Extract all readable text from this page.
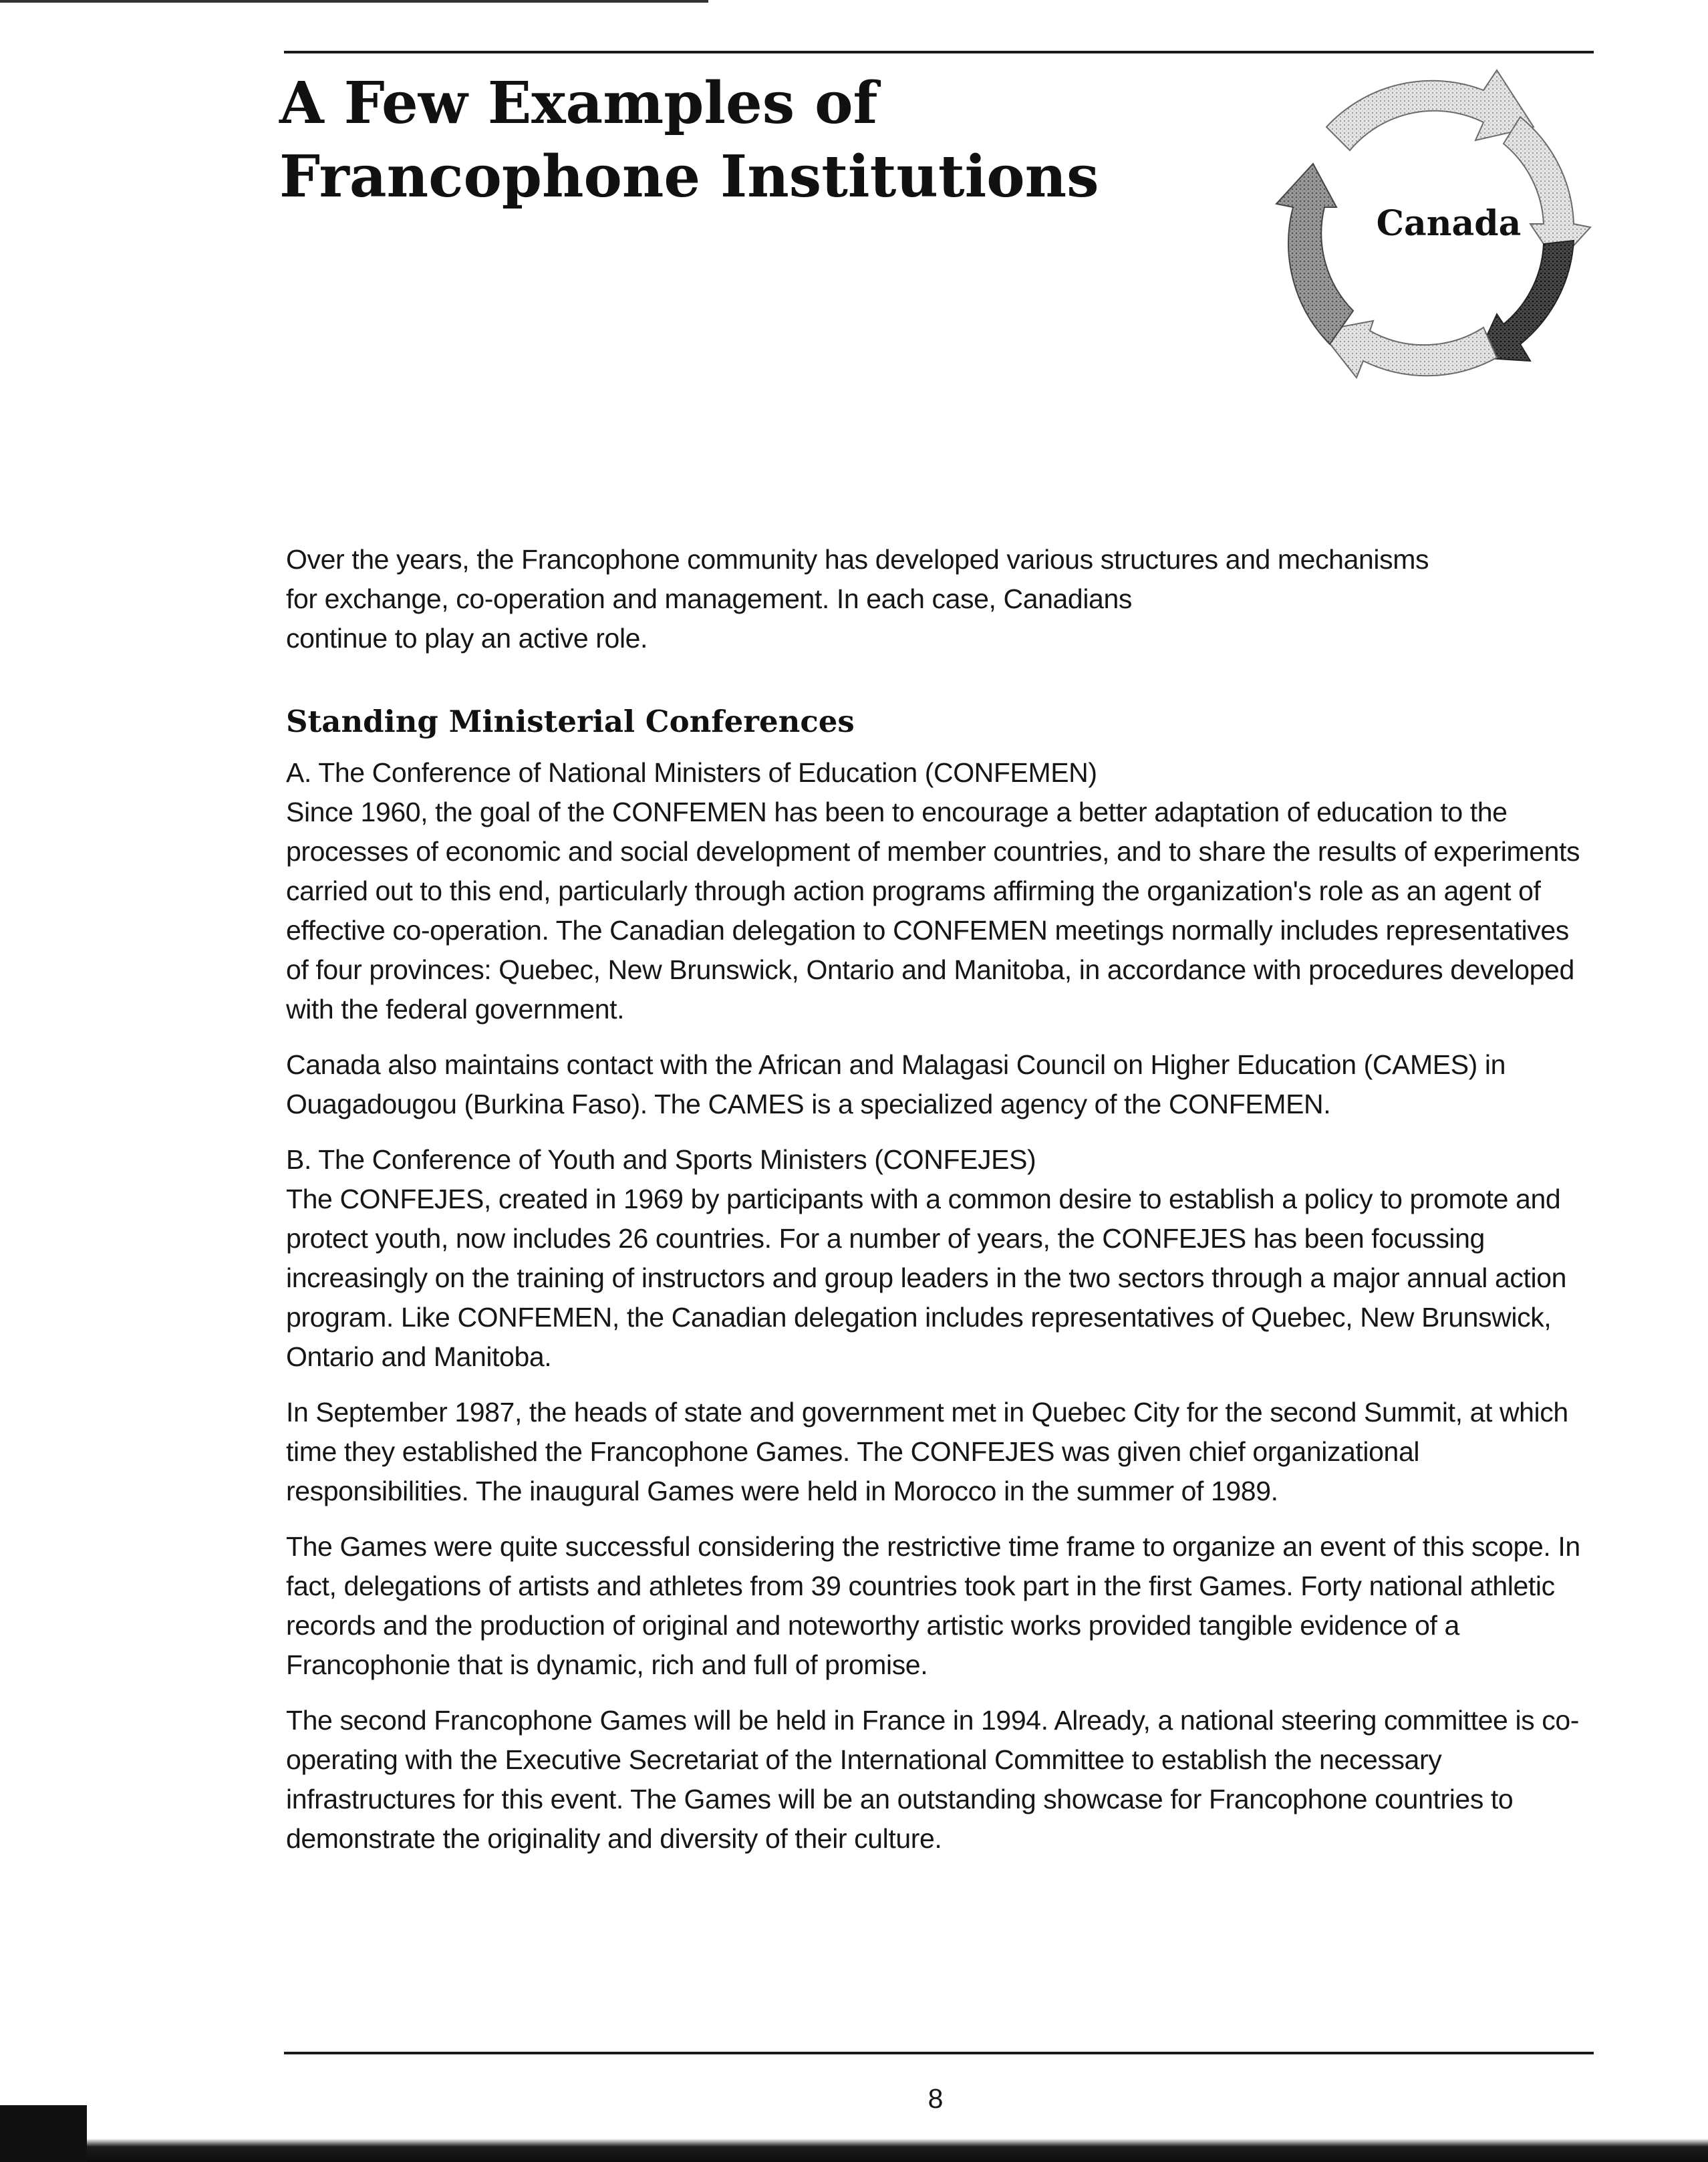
A Few Examples of
Francophone Institutions
Canada

Over the years, the Francophone community has developed various structures and mechanisms

for exchange, co-operation and management. In each case, Canadians

continue to play an active role.

Standing Ministerial Conferences

A. The Conference of National Ministers of Education (CONFEMEN)

Since 1960, the goal of the CONFEMEN has been to encourage a better adaptation of education to the processes of economic and social development of member countries, and to share the results of experiments carried out to this end, particularly through action programs affirming the organization's role as an agent of effective co-operation. The Canadian delegation to CONFEMEN meetings normally includes representatives of four provinces: Quebec, New Brunswick, Ontario and Manitoba, in accordance with procedures developed with the federal government.

Canada also maintains contact with the African and Malagasi Council on Higher Education (CAMES) in Ouagadougou (Burkina Faso). The CAMES is a specialized agency of the CONFEMEN.

B. The Conference of Youth and Sports Ministers (CONFEJES)

The CONFEJES, created in 1969 by participants with a common desire to establish a policy to promote and protect youth, now includes 26 countries. For a number of years, the CONFEJES has been focussing increasingly on the training of instructors and group leaders in the two sectors through a major annual action program. Like CONFEMEN, the Canadian delegation includes representatives of Quebec, New Brunswick, Ontario and Manitoba.

In September 1987, the heads of state and government met in Quebec City for the second Summit, at which time they established the Francophone Games. The CONFEJES was given chief organizational responsibilities. The inaugural Games were held in Morocco in the summer of 1989.

The Games were quite successful considering the restrictive time frame to organize an event of this scope. In fact, delegations of artists and athletes from 39 countries took part in the first Games. Forty national athletic records and the production of original and noteworthy artistic works provided tangible evidence of a Francophonie that is dynamic, rich and full of promise.

The second Francophone Games will be held in France in 1994. Already, a national steering committee is co-operating with the Executive Secretariat of the International Committee to establish the necessary infrastructures for this event. The Games will be an outstanding showcase for Francophone countries to demonstrate the originality and diversity of their culture.

8
